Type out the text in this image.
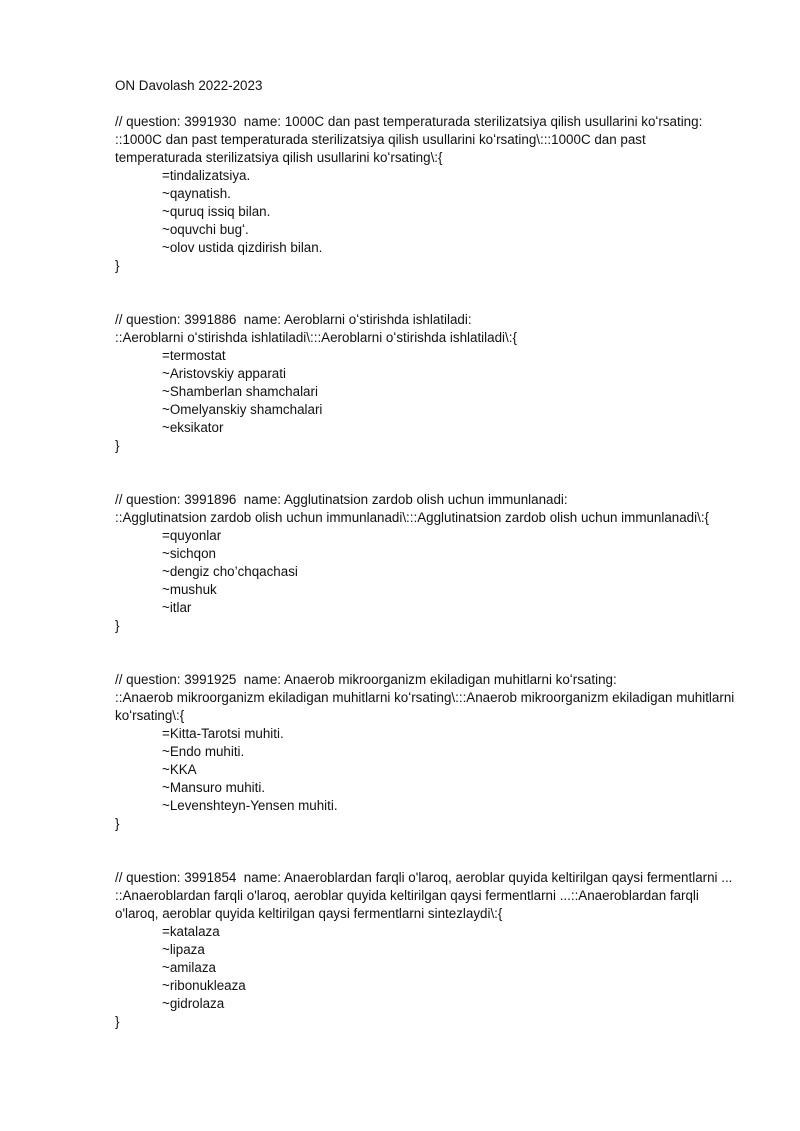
ON Davolash 2022-2023

// question: 3991930  name: 1000C dan past temperaturada sterilizatsiya qilish usullarini koʻrsating:

::1000C dan past temperaturada sterilizatsiya qilish usullarini koʻrsating\:::1000C dan past temperaturada sterilizatsiya qilish usullarini koʻrsating\:{

=tindalizatsiya.

~qaynatish.

~quruq issiq bilan.

~oquvchi bugʻ.

~olov ustida qizdirish bilan.

}

// question: 3991886  name: Aeroblarni oʻstirishda ishlatiladi:

::Aeroblarni oʻstirishda ishlatiladi\:::Aeroblarni oʻstirishda ishlatiladi\:{

=termostat

~Aristovskiy apparati

~Shamberlan shamchalari

~Omelyanskiy shamchalari

~eksikator

}

// question: 3991896  name: Agglutinatsion zardob olish uchun immunlanadi:

::Agglutinatsion zardob olish uchun immunlanadi\:::Agglutinatsion zardob olish uchun immunlanadi\:{

=quyonlar

~sichqon

~dengiz cho’chqachasi

~mushuk

~itlar

}

// question: 3991925  name: Anaerob mikroorganizm ekiladigan muhitlarni koʻrsating:

::Anaerob mikroorganizm ekiladigan muhitlarni koʻrsating\:::Anaerob mikroorganizm ekiladigan muhitlarni koʻrsating\:{

=Kitta-Tarotsi muhiti.

~Endo muhiti.

~KKA

~Mansuro muhiti.

~Levenshteyn-Yensen muhiti.

}

// question: 3991854  name: Anaeroblardan farqli o'laroq, aeroblar quyida keltirilgan qaysi fermentlarni ...

::Anaeroblardan farqli o'laroq, aeroblar quyida keltirilgan qaysi fermentlarni ...::Anaeroblardan farqli o'laroq, aeroblar quyida keltirilgan qaysi fermentlarni sintezlaydi\:{

=katalaza

~lipaza

~amilaza

~ribonukleaza

~gidrolaza

}
